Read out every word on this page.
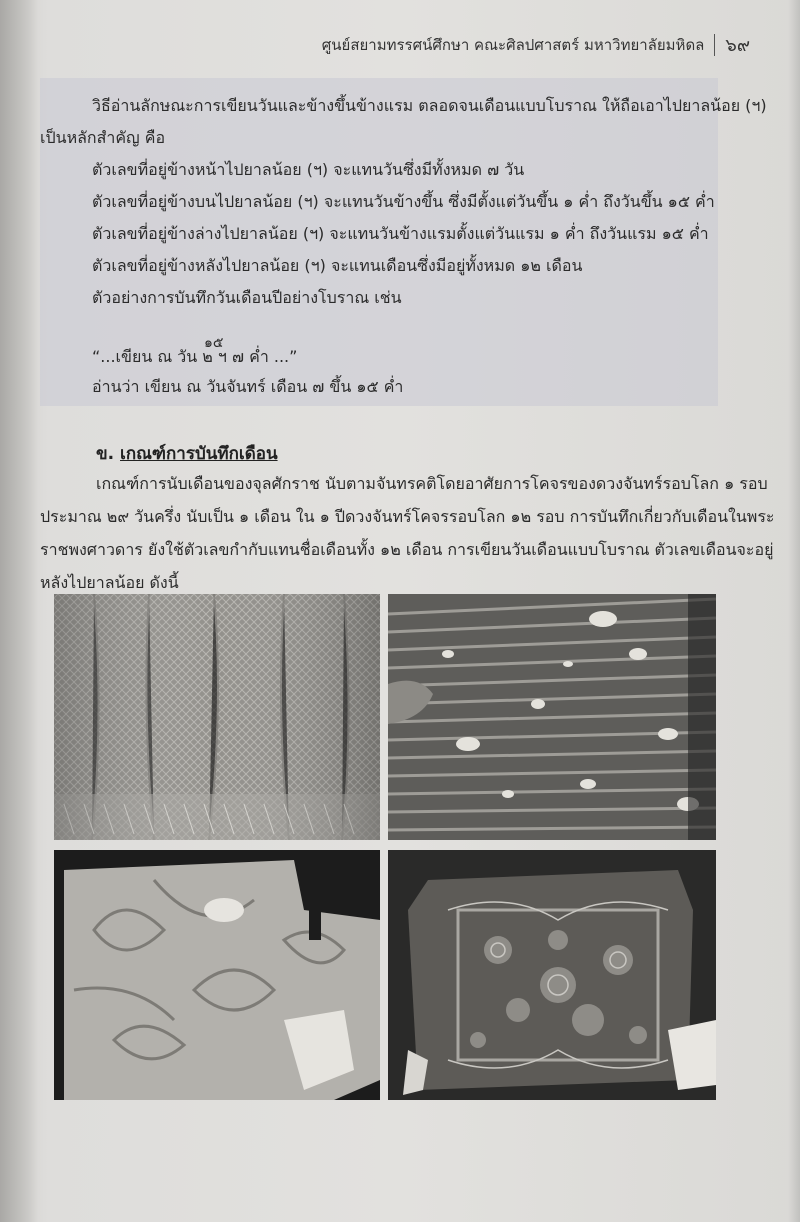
ศูนย์สยามทรรศน์ศึกษา คณะศิลปศาสตร์ มหาวิทยาลัยมหิดล ๖๙
วิธีอ่านลักษณะการเขียนวันและข้างขึ้นข้างแรม ตลอดจนเดือนแบบโบราณ ให้ถือเอาไปยาลน้อย (ฯ)
เป็นหลักสำคัญ คือ
ตัวเลขที่อยู่ข้างหน้าไปยาลน้อย (ฯ) จะแทนวันซึ่งมีทั้งหมด ๗ วัน
ตัวเลขที่อยู่ข้างบนไปยาลน้อย (ฯ) จะแทนวันข้างขึ้น ซึ่งมีตั้งแต่วันขึ้น ๑ ค่ำ ถึงวันขึ้น ๑๕ ค่ำ
ตัวเลขที่อยู่ข้างล่างไปยาลน้อย (ฯ) จะแทนวันข้างแรมตั้งแต่วันแรม ๑ ค่ำ ถึงวันแรม ๑๕ ค่ำ
ตัวเลขที่อยู่ข้างหลังไปยาลน้อย (ฯ) จะแทนเดือนซึ่งมีอยู่ทั้งหมด ๑๒ เดือน
ตัวอย่างการบันทึกวันเดือนปีอย่างโบราณ เช่น
๑๕
“...เขียน ณ วัน ๒ ฯ ๗ ค่ำ ...”
อ่านว่า เขียน ณ วันจันทร์ เดือน ๗ ขึ้น ๑๕ ค่ำ
ข. เกณฑ์การบันทึกเดือน
เกณฑ์การนับเดือนของจุลศักราช นับตามจันทรคติโดยอาศัยการโคจรของดวงจันทร์รอบโลก ๑ รอบ
ประมาณ ๒๙ วันครึ่ง นับเป็น ๑ เดือน ใน ๑ ปีดวงจันทร์โคจรรอบโลก ๑๒ รอบ การบันทึกเกี่ยวกับเดือนในพระ
ราชพงศาวดาร ยังใช้ตัวเลขกำกับแทนชื่อเดือนทั้ง ๑๒ เดือน การเขียนวันเดือนแบบโบราณ ตัวเลขเดือนจะอยู่
หลังไปยาลน้อย ดังนี้
